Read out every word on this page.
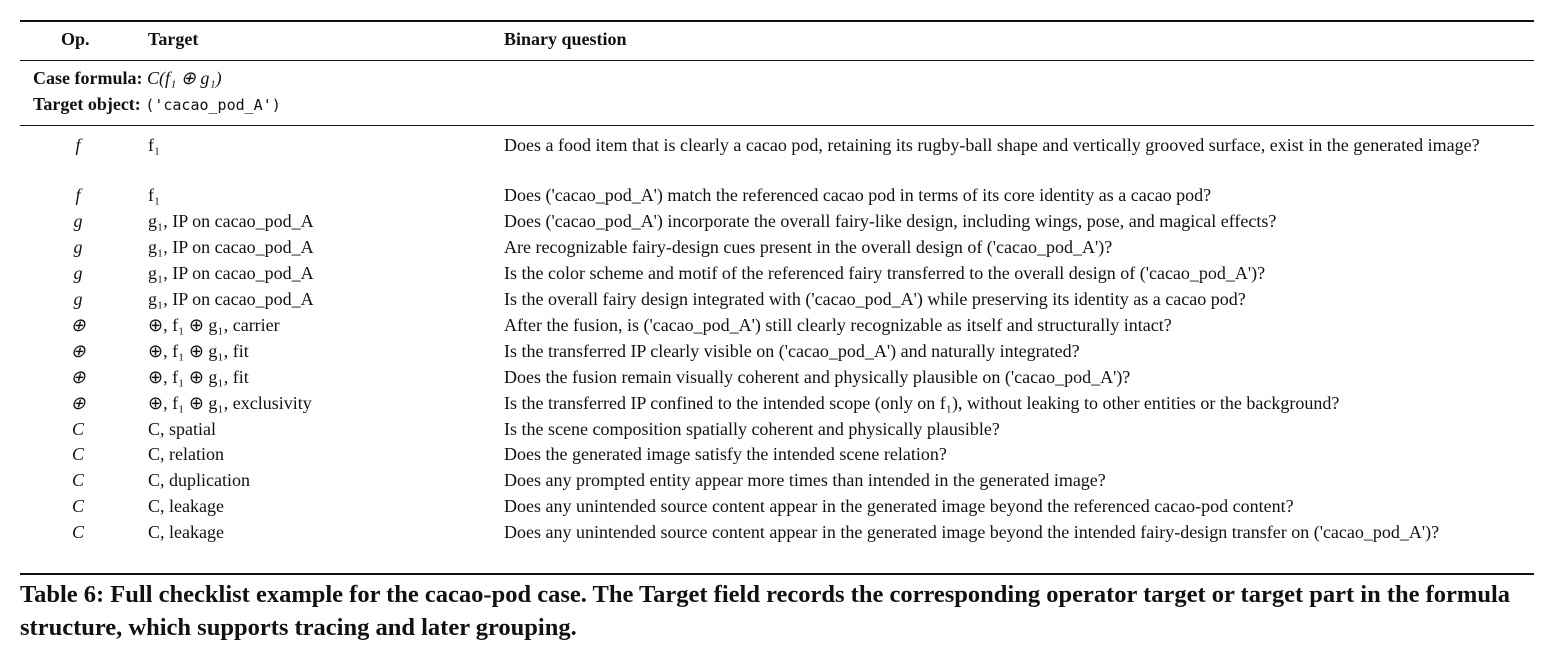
Op.	Target	Binary question
Case formula: C(f₁ ⊕ g₁)
Target object: ('cacao_pod_A')
f	f₁	Does a food item that is clearly a cacao pod, retaining its rugby-ball shape and vertically grooved surface, exist in the generated image?
f	f₁	Does ('cacao_pod_A') match the referenced cacao pod in terms of its core identity as a cacao pod?
g	g₁, IP on cacao_pod_A	Does ('cacao_pod_A') incorporate the overall fairy-like design, including wings, pose, and magical effects?
g	g₁, IP on cacao_pod_A	Are recognizable fairy-design cues present in the overall design of ('cacao_pod_A')?
g	g₁, IP on cacao_pod_A	Is the color scheme and motif of the referenced fairy transferred to the overall design of ('cacao_pod_A')?
g	g₁, IP on cacao_pod_A	Is the overall fairy design integrated with ('cacao_pod_A') while preserving its identity as a cacao pod?
⊕	⊕, f₁ ⊕ g₁, carrier	After the fusion, is ('cacao_pod_A') still clearly recognizable as itself and structurally intact?
⊕	⊕, f₁ ⊕ g₁, fit	Is the transferred IP clearly visible on ('cacao_pod_A') and naturally integrated?
⊕	⊕, f₁ ⊕ g₁, fit	Does the fusion remain visually coherent and physically plausible on ('cacao_pod_A')?
⊕	⊕, f₁ ⊕ g₁, exclusivity	Is the transferred IP confined to the intended scope (only on f₁), without leaking to other entities or the background?
C	C, spatial	Is the scene composition spatially coherent and physically plausible?
C	C, relation	Does the generated image satisfy the intended scene relation?
C	C, duplication	Does any prompted entity appear more times than intended in the generated image?
C	C, leakage	Does any unintended source content appear in the generated image beyond the referenced cacao-pod content?
C	C, leakage	Does any unintended source content appear in the generated image beyond the intended fairy-design transfer on ('cacao_pod_A')?
Table 6: Full checklist example for the cacao-pod case. The Target field records the corresponding operator target or target part in the formula structure, which supports tracing and later grouping.
